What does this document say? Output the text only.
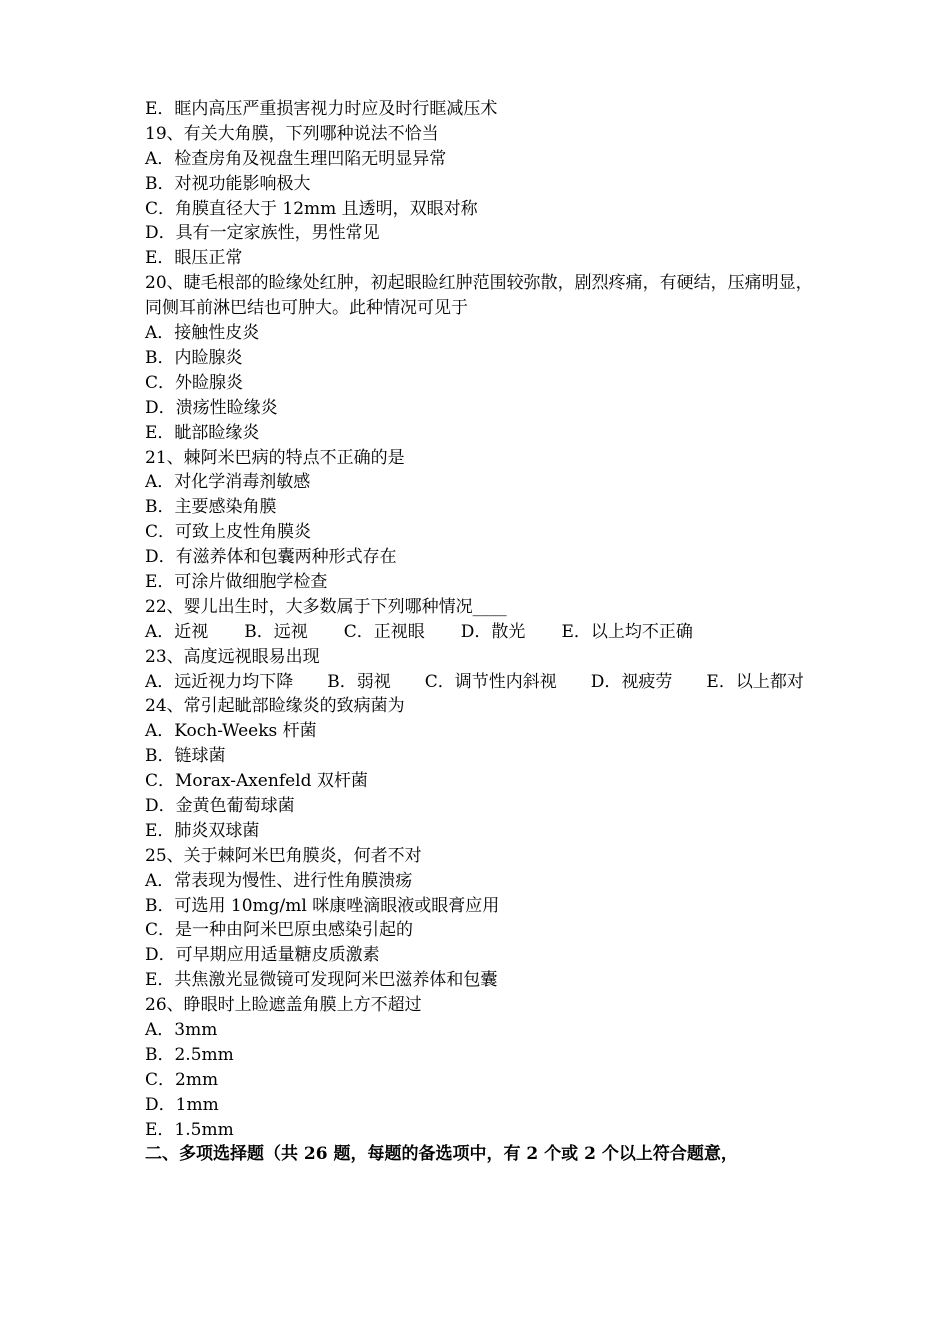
E．眶内高压严重损害视力时应及时行眶减压术
19、有关大角膜，下列哪种说法不恰当
A．检查房角及视盘生理凹陷无明显异常
B．对视功能影响极大
C．角膜直径大于 12mm 且透明，双眼对称
D．具有一定家族性，男性常见
E．眼压正常
20、睫毛根部的睑缘处红肿，初起眼睑红肿范围较弥散，剧烈疼痛，有硬结，压痛明显，同侧耳前淋巴结也可肿大。此种情况可见于
A．接触性皮炎
B．内睑腺炎
C．外睑腺炎
D．溃疡性睑缘炎
E．眦部睑缘炎
21、棘阿米巴病的特点不正确的是
A．对化学消毒剂敏感
B．主要感染角膜
C．可致上皮性角膜炎
D．有滋养体和包囊两种形式存在
E．可涂片做细胞学检查
22、婴儿出生时，大多数属于下列哪种情况____
A．近视 B．远视 C．正视眼 D．散光 E．以上均不正确
23、高度远视眼易出现
A．远近视力均下降　　B．弱视　　C．调节性内斜视　　D．视疲劳　　E．以上都对
24、常引起眦部睑缘炎的致病菌为
A．Koch-Weeks 杆菌
B．链球菌
C．Morax-Axenfeld 双杆菌
D．金黄色葡萄球菌
E．肺炎双球菌
25、关于棘阿米巴角膜炎，何者不对
A．常表现为慢性、进行性角膜溃疡
B．可选用 10mg/ml 咪康唑滴眼液或眼膏应用
C．是一种由阿米巴原虫感染引起的
D．可早期应用适量糖皮质激素
E．共焦激光显微镜可发现阿米巴滋养体和包囊
26、睁眼时上睑遮盖角膜上方不超过
A．3mm
B．2.5mm
C．2mm
D．1mm
E．1.5mm
二、多项选择题（共 26 题，每题的备选项中，有 2 个或 2 个以上符合题意，
